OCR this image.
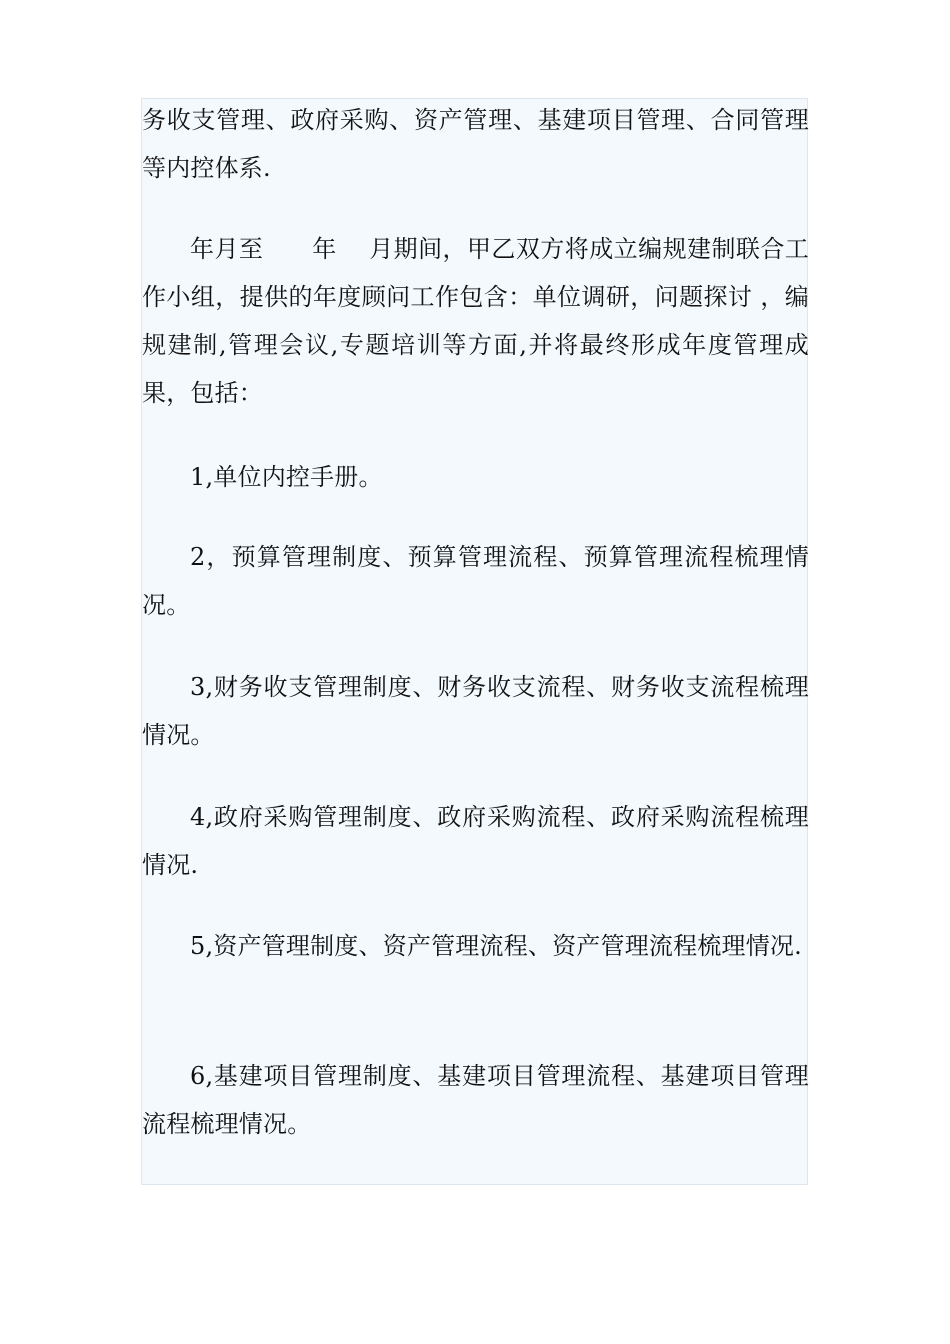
务收支管理、政府采购、资产管理、基建项目管理、合同管理等内控体系.

年月至　　年　 月期间，甲乙双方将成立编规建制联合工作小组，提供的年度顾问工作包含：单位调研，问题探讨 ，编规建制,管理会议,专题培训等方面,并将最终形成年度管理成果，包括：

1,单位内控手册。

2，预算管理制度、预算管理流程、预算管理流程梳理情况。

3,财务收支管理制度、财务收支流程、财务收支流程梳理情况。

4,政府采购管理制度、政府采购流程、政府采购流程梳理情况.

5,资产管理制度、资产管理流程、资产管理流程梳理情况.

6,基建项目管理制度、基建项目管理流程、基建项目管理流程梳理情况。
